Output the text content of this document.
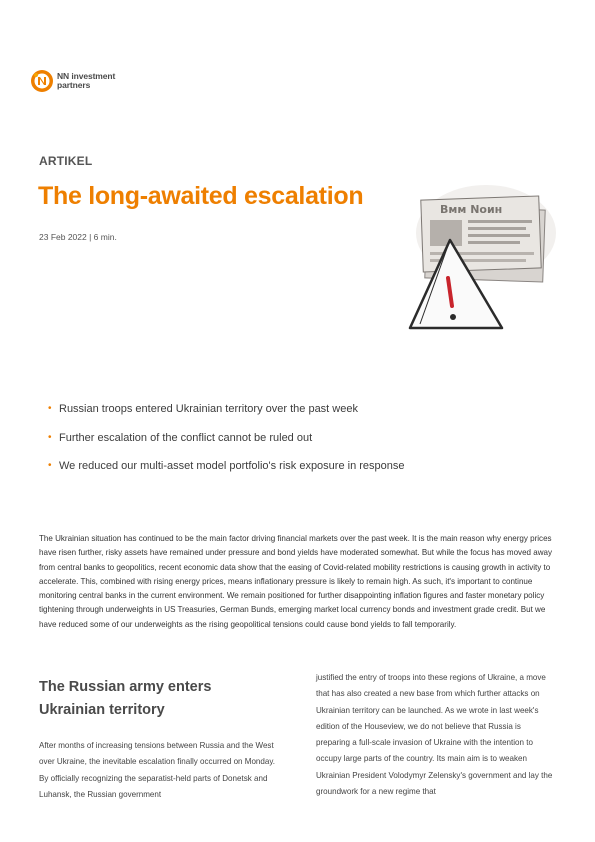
NN investment
partners
ARTIKEL
The long-awaited escalation
23 Feb 2022 | 6 min.
Вмм Nоин
• Russian troops entered Ukrainian territory over the past week
• Further escalation of the conflict cannot be ruled out
• We reduced our multi-asset model portfolio's risk exposure in response

The Ukrainian situation has continued to be the main factor driving financial markets over the past week. It is the main reason why energy prices have risen further, risky assets have remained under pressure and bond yields have moderated somewhat. But while the focus has moved away from central banks to geopolitics, recent economic data show that the easing of Covid-related mobility restrictions is causing growth in activity to accelerate. This, combined with rising energy prices, means inflationary pressure is likely to remain high. As such, it's important to continue monitoring central banks in the current environment. We remain positioned for further disappointing inflation figures and faster monetary policy tightening through underweights in US Treasuries, German Bunds, emerging market local currency bonds and investment grade credit. But we have reduced some of our underweights as the rising geopolitical tensions could cause bond yields to fall temporarily.

The Russian army enters Ukrainian territory

After months of increasing tensions between Russia and the West over Ukraine, the inevitable escalation finally occurred on Monday. By officially recognizing the separatist-held parts of Donetsk and Luhansk, the Russian government

justified the entry of troops into these regions of Ukraine, a move that has also created a new base from which further attacks on Ukrainian territory can be launched. As we wrote in last week's edition of the Houseview, we do not believe that Russia is preparing a full-scale invasion of Ukraine with the intention to occupy large parts of the country. Its main aim is to weaken Ukrainian President Volodymyr Zelensky's government and lay the groundwork for a new regime that
